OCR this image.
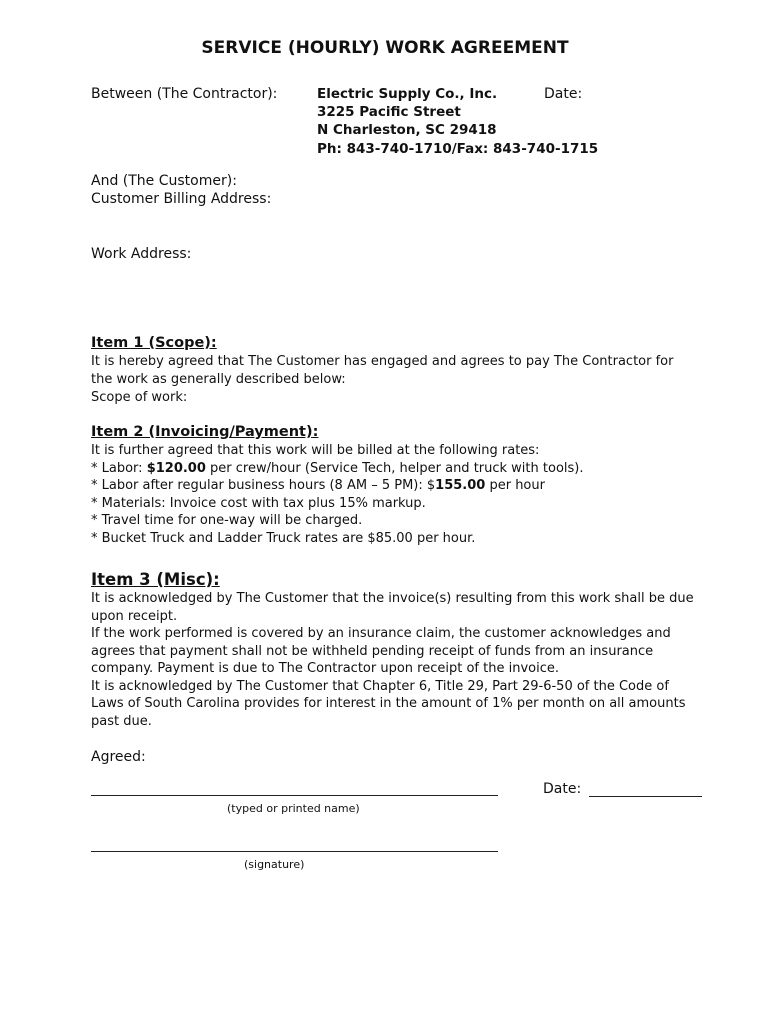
SERVICE (HOURLY) WORK AGREEMENT
Between (The Contractor):	Electric Supply Co., Inc.
3225 Pacific Street
N Charleston, SC 29418
Ph: 843-740-1710/Fax: 843-740-1715
Date:
And (The Customer):
Customer Billing Address:
Work Address:
Item 1 (Scope):
It is hereby agreed that The Customer has engaged and agrees to pay The Contractor for
the work as generally described below:
Scope of work:
Item 2 (Invoicing/Payment):
It is further agreed that this work will be billed at the following rates:
* Labor: $120.00 per crew/hour (Service Tech, helper and truck with tools).
* Labor after regular business hours (8 AM – 5 PM): $155.00 per hour
* Materials: Invoice cost with tax plus 15% markup.
* Travel time for one-way will be charged.
* Bucket Truck and Ladder Truck rates are $85.00 per hour.
Item 3 (Misc):
It is acknowledged by The Customer that the invoice(s) resulting from this work shall be due
upon receipt.
If the work performed is covered by an insurance claim, the customer acknowledges and
agrees that payment shall not be withheld pending receipt of funds from an insurance
company. Payment is due to The Contractor upon receipt of the invoice.
It is acknowledged by The Customer that Chapter 6, Title 29, Part 29-6-50 of the Code of
Laws of South Carolina provides for interest in the amount of 1% per month on all amounts
past due.
Agreed:
(typed or printed name)
Date:
(signature)
